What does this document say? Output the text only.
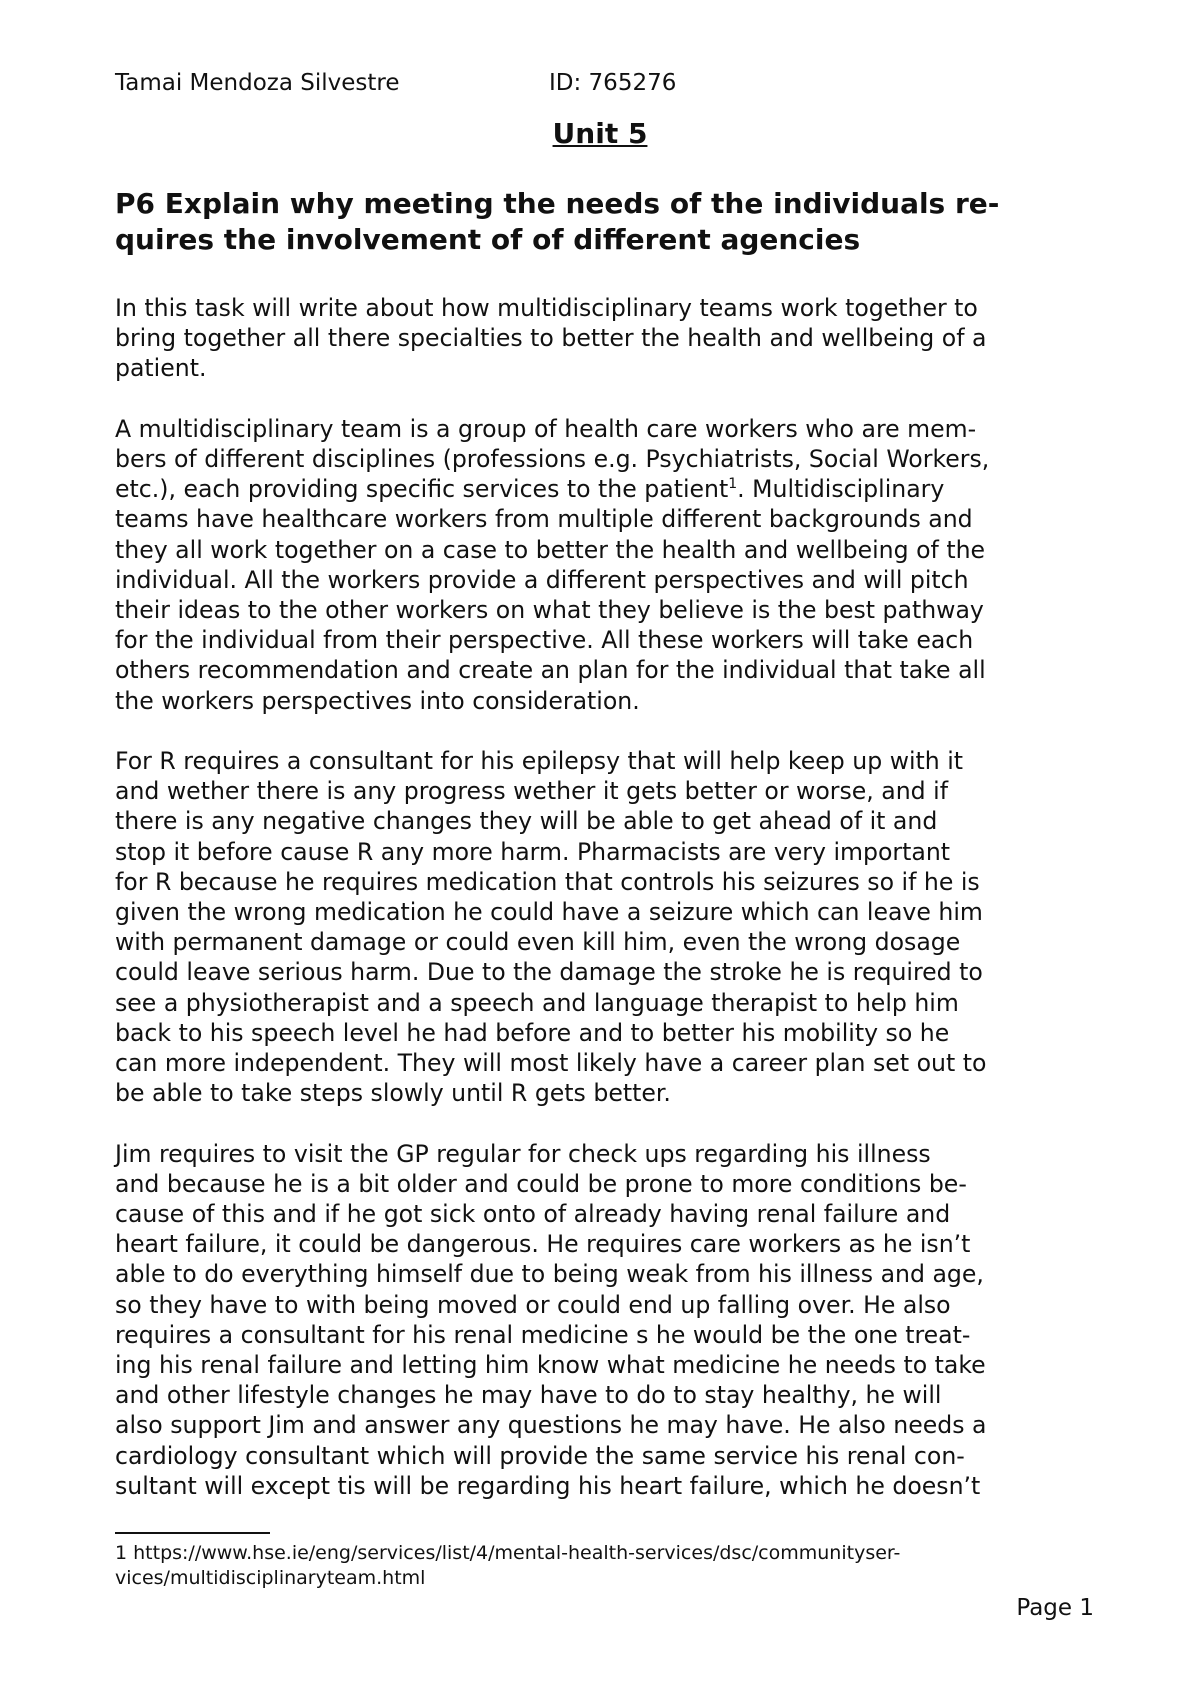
Tamai Mendoza Silvestre	ID: 765276
Unit 5
P6 Explain why meeting the needs of the individuals re-
quires the involvement of of different agencies

In this task will write about how multidisciplinary teams work together to
bring together all there specialties to better the health and wellbeing of a
patient.

A multidisciplinary team is a group of health care workers who are mem-
bers of different disciplines (professions e.g. Psychiatrists, Social Workers,
etc.), each providing specific services to the patient$^1$. Multidisciplinary
teams have healthcare workers from multiple different backgrounds and
they all work together on a case to better the health and wellbeing of the
individual. All the workers provide a different perspectives and will pitch
their ideas to the other workers on what they believe is the best pathway
for the individual from their perspective. All these workers will take each
others recommendation and create an plan for the individual that take all
the workers perspectives into consideration.

For R requires a consultant for his epilepsy that will help keep up with it
and wether there is any progress wether it gets better or worse, and if
there is any negative changes they will be able to get ahead of it and
stop it before cause R any more harm. Pharmacists are very important
for R because he requires medication that controls his seizures so if he is
given the wrong medication he could have a seizure which can leave him
with permanent damage or could even kill him, even the wrong dosage
could leave serious harm. Due to the damage the stroke he is required to
see a physiotherapist and a speech and language therapist to help him
back to his speech level he had before and to better his mobility so he
can more independent. They will most likely have a career plan set out to
be able to take steps slowly until R gets better.

Jim requires to visit the GP regular for check ups regarding his illness
and because he is a bit older and could be prone to more conditions be-
cause of this and if he got sick onto of already having renal failure and
heart failure, it could be dangerous. He requires care workers as he isn’t
able to do everything himself due to being weak from his illness and age,
so they have to with being moved or could end up falling over. He also
requires a consultant for his renal medicine s he would be the one treat-
ing his renal failure and letting him know what medicine he needs to take
and other lifestyle changes he may have to do to stay healthy, he will
also support Jim and answer any questions he may have. He also needs a
cardiology consultant which will provide the same service his renal con-
sultant will except tis will be regarding his heart failure, which he doesn’t

1 https://www.hse.ie/eng/services/list/4/mental-health-services/dsc/communityser-
vices/multidisciplinaryteam.html
Page 1
